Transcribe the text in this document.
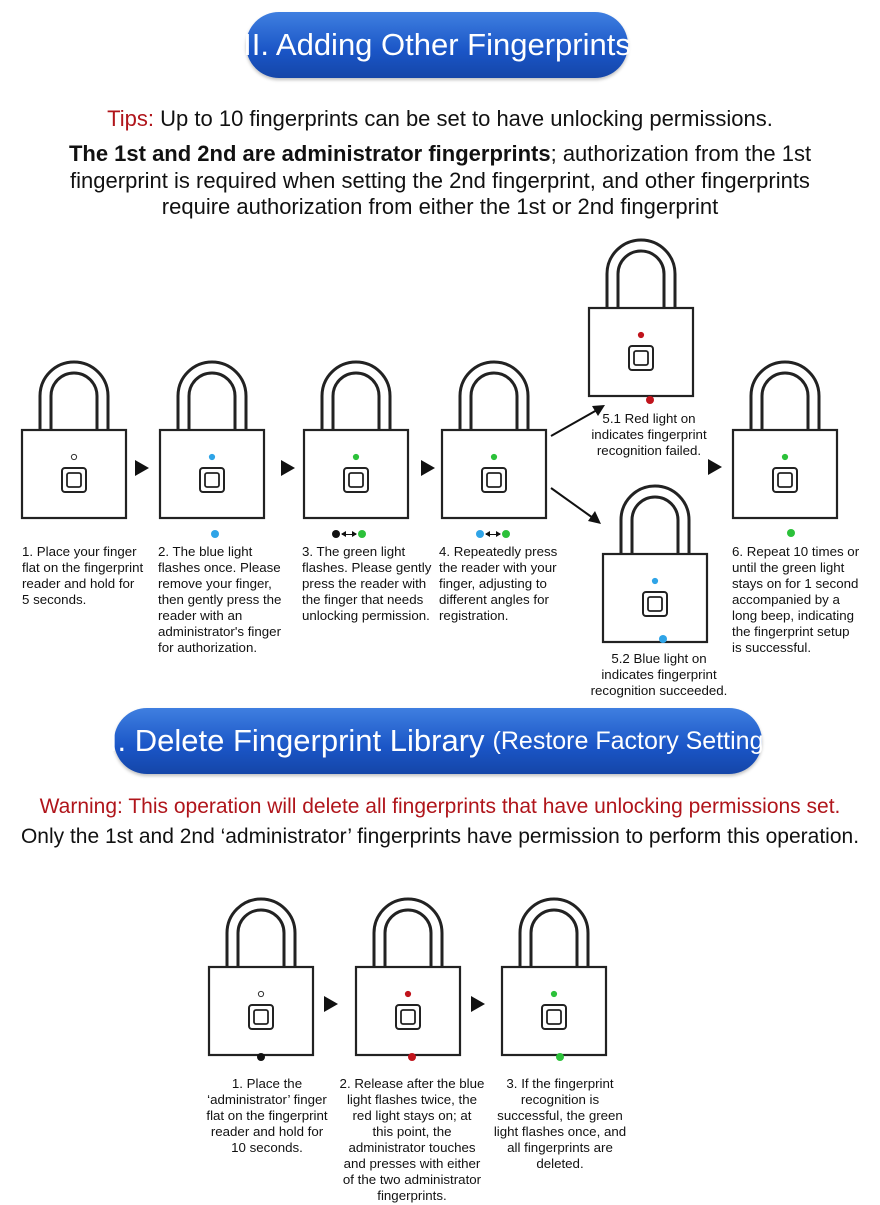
II. Adding Other Fingerprints
Tips: Up to 10 fingerprints can be set to have unlocking permissions.
The 1st and 2nd are administrator fingerprints; authorization from the 1st
fingerprint is required when setting the 2nd fingerprint, and other fingerprints
require authorization from either the 1st or 2nd fingerprint
1. Place your finger
flat on the fingerprint
reader and hold for
5 seconds.
2. The blue light
flashes once. Please
remove your finger,
then gently press the
reader with an
administrator's finger
for authorization.
3. The green light
flashes. Please gently
press the reader with
the finger that needs
unlocking permission.
4. Repeatedly press
the reader with your
finger, adjusting to
different angles for
registration.
5.1 Red light on
indicates fingerprint
recognition failed.
5.2 Blue light on
indicates fingerprint
recognition succeeded.
6. Repeat 10 times or
until the green light
stays on for 1 second
accompanied by a
long beep, indicating
the fingerprint setup
is successful.
III. Delete Fingerprint Library (Restore Factory Settings)
Warning: This operation will delete all fingerprints that have unlocking permissions set.
Only the 1st and 2nd ‘administrator’ fingerprints have permission to perform this operation.
1. Place the
‘administrator’ finger
flat on the fingerprint
reader and hold for
10 seconds.
2. Release after the blue
light flashes twice, the
red light stays on; at
this point, the
administrator touches
and presses with either
of the two administrator
fingerprints.
3. If the fingerprint
recognition is
successful, the green
light flashes once, and
all fingerprints are
deleted.
